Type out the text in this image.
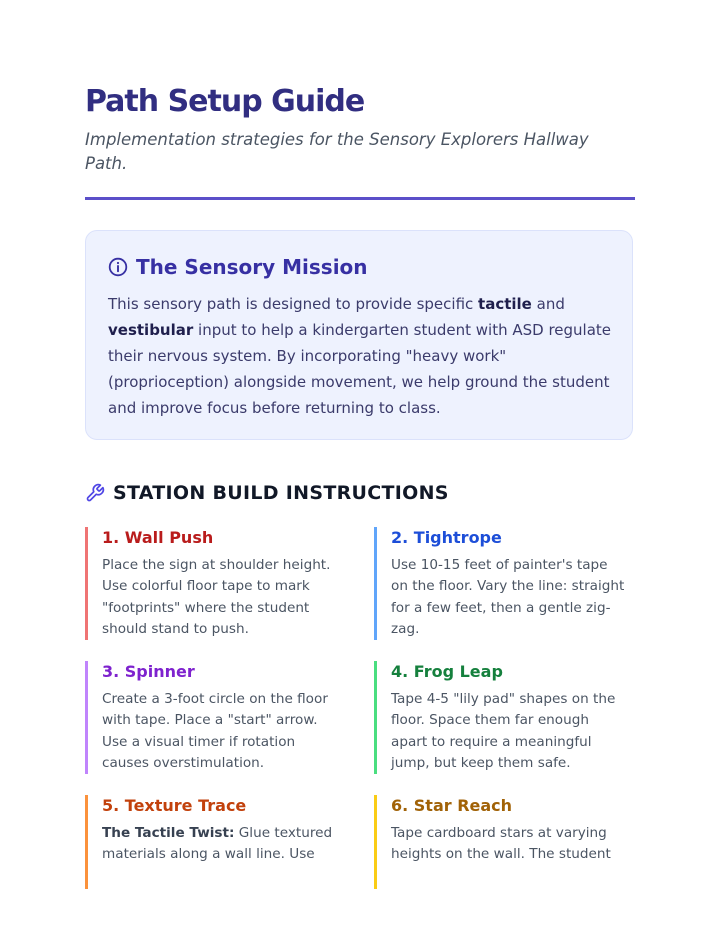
Path Setup Guide

Implementation strategies for the Sensory Explorers Hallway Path.

The Sensory Mission

This sensory path is designed to provide specific tactile and vestibular input to help a kindergarten student with ASD regulate their nervous system. By incorporating "heavy work" (proprioception) alongside movement, we help ground the student and improve focus before returning to class.

STATION BUILD INSTRUCTIONS

1. Wall Push

Place the sign at shoulder height. Use colorful floor tape to mark "footprints" where the student should stand to push.

2. Tightrope

Use 10-15 feet of painter's tape on the floor. Vary the line: straight for a few feet, then a gentle zig-zag.

3. Spinner

Create a 3-foot circle on the floor with tape. Place a "start" arrow. Use a visual timer if rotation causes overstimulation.

4. Frog Leap

Tape 4-5 "lily pad" shapes on the floor. Space them far enough apart to require a meaningful jump, but keep them safe.

5. Texture Trace

The Tactile Twist: Glue textured materials along a wall line. Use

6. Star Reach

Tape cardboard stars at varying heights on the wall. The student
